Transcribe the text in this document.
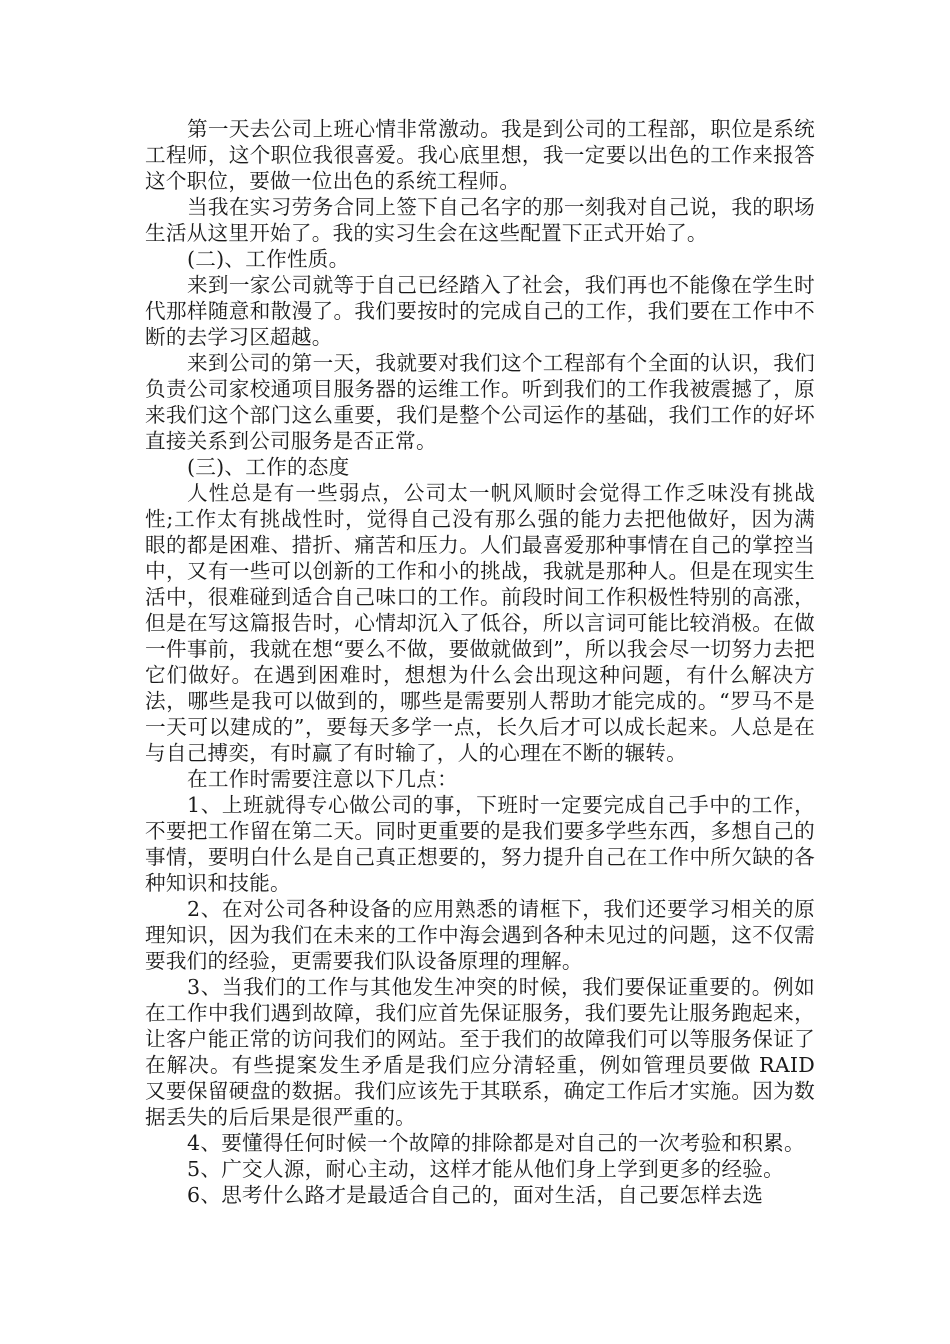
第一天去公司上班心情非常激动。我是到公司的工程部，职位是系统工程师，这个职位我很喜爱。我心底里想，我一定要以出色的工作来报答这个职位，要做一位出色的系统工程师。

当我在实习劳务合同上签下自己名字的那一刻我对自己说，我的职场生活从这里开始了。我的实习生会在这些配置下正式开始了。

(二)、工作性质。

来到一家公司就等于自己已经踏入了社会，我们再也不能像在学生时代那样随意和散漫了。我们要按时的完成自己的工作，我们要在工作中不断的去学习区超越。

来到公司的第一天，我就要对我们这个工程部有个全面的认识，我们负责公司家校通项目服务器的运维工作。听到我们的工作我被震撼了，原来我们这个部门这么重要，我们是整个公司运作的基础，我们工作的好坏直接关系到公司服务是否正常。

(三)、工作的态度

人性总是有一些弱点，公司太一帆风顺时会觉得工作乏味没有挑战性;工作太有挑战性时，觉得自己没有那么强的能力去把他做好，因为满眼的都是困难、措折、痛苦和压力。人们最喜爱那种事情在自己的掌控当中，又有一些可以创新的工作和小的挑战，我就是那种人。但是在现实生活中，很难碰到适合自己味口的工作。前段时间工作积极性特别的高涨，但是在写这篇报告时，心情却沉入了低谷，所以言词可能比较消极。在做一件事前，我就在想“要么不做，要做就做到”，所以我会尽一切努力去把它们做好。在遇到困难时，想想为什么会出现这种问题，有什么解决方法，哪些是我可以做到的，哪些是需要别人帮助才能完成的。“罗马不是一天可以建成的”，要每天多学一点，长久后才可以成长起来。人总是在与自己搏奕，有时赢了有时输了，人的心理在不断的辗转。

在工作时需要注意以下几点：

1、上班就得专心做公司的事，下班时一定要完成自己手中的工作，不要把工作留在第二天。同时更重要的是我们要多学些东西，多想自己的事情，要明白什么是自己真正想要的，努力提升自己在工作中所欠缺的各种知识和技能。

2、在对公司各种设备的应用熟悉的请框下，我们还要学习相关的原理知识，因为我们在未来的工作中海会遇到各种未见过的问题，这不仅需要我们的经验，更需要我们队设备原理的理解。

3、当我们的工作与其他发生冲突的时候，我们要保证重要的。例如在工作中我们遇到故障，我们应首先保证服务，我们要先让服务跑起来，让客户能正常的访问我们的网站。至于我们的故障我们可以等服务保证了在解决。有些提案发生矛盾是我们应分清轻重，例如管理员要做 RAID 又要保留硬盘的数据。我们应该先于其联系，确定工作后才实施。因为数据丢失的后后果是很严重的。

4、要懂得任何时候一个故障的排除都是对自己的一次考验和积累。

5、广交人源，耐心主动，这样才能从他们身上学到更多的经验。

6、思考什么路才是最适合自己的，面对生活，自己要怎样去选
